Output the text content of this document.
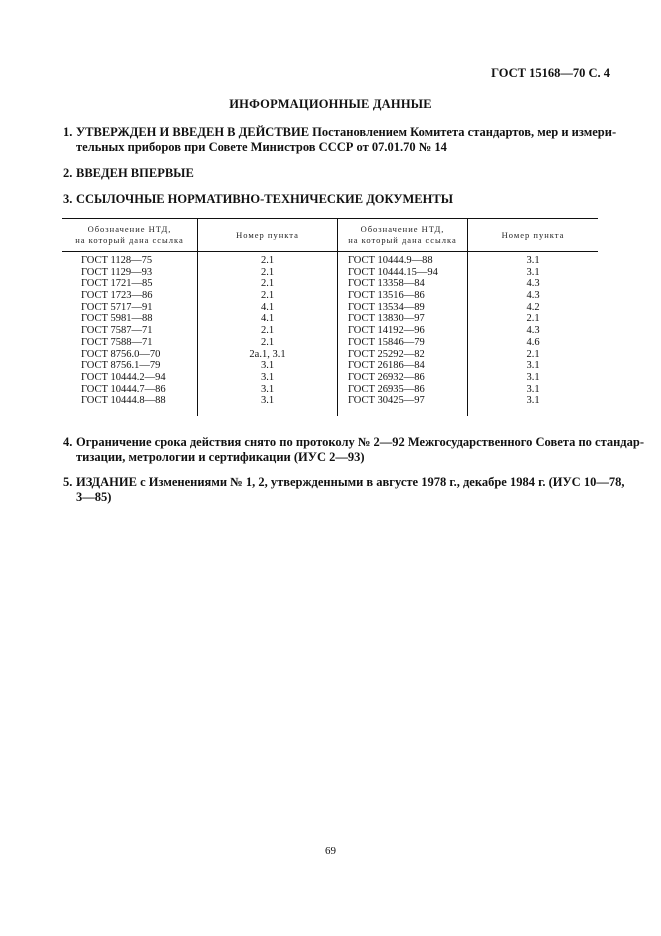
ГОСТ 15168—70 С. 4
ИНФОРМАЦИОННЫЕ ДАННЫЕ
1. УТВЕРЖДЕН И ВВЕДЕН В ДЕЙСТВИЕ Постановлением Комитета стандартов, мер и измери-
тельных приборов при Совете Министров СССР от 07.01.70 № 14
2. ВВЕДЕН ВПЕРВЫЕ
3. ССЫЛОЧНЫЕ НОРМАТИВНО-ТЕХНИЧЕСКИЕ ДОКУМЕНТЫ
Обозначение НТД,
на который дана ссылка
Номер пункта
Обозначение НТД,
на который дана ссылка
Номер пункта
ГОСТ 1128—75
ГОСТ 1129—93
ГОСТ 1721—85
ГОСТ 1723—86
ГОСТ 5717—91
ГОСТ 5981—88
ГОСТ 7587—71
ГОСТ 7588—71
ГОСТ 8756.0—70
ГОСТ 8756.1—79
ГОСТ 10444.2—94
ГОСТ 10444.7—86
ГОСТ 10444.8—88
2.1
2.1
2.1
2.1
4.1
4.1
2.1
2.1
2а.1, 3.1
3.1
3.1
3.1
3.1
ГОСТ 10444.9—88
ГОСТ 10444.15—94
ГОСТ 13358—84
ГОСТ 13516—86
ГОСТ 13534—89
ГОСТ 13830—97
ГОСТ 14192—96
ГОСТ 15846—79
ГОСТ 25292—82
ГОСТ 26186—84
ГОСТ 26932—86
ГОСТ 26935—86
ГОСТ 30425—97
3.1
3.1
4.3
4.3
4.2
2.1
4.3
4.6
2.1
3.1
3.1
3.1
3.1
4. Ограничение срока действия снято по протоколу № 2—92 Межгосударственного Совета по стандар-
тизации, метрологии и сертификации (ИУС 2—93)
5. ИЗДАНИЕ с Изменениями № 1, 2, утвержденными в августе 1978 г., декабре 1984 г. (ИУС 10—78,
3—85)
69
